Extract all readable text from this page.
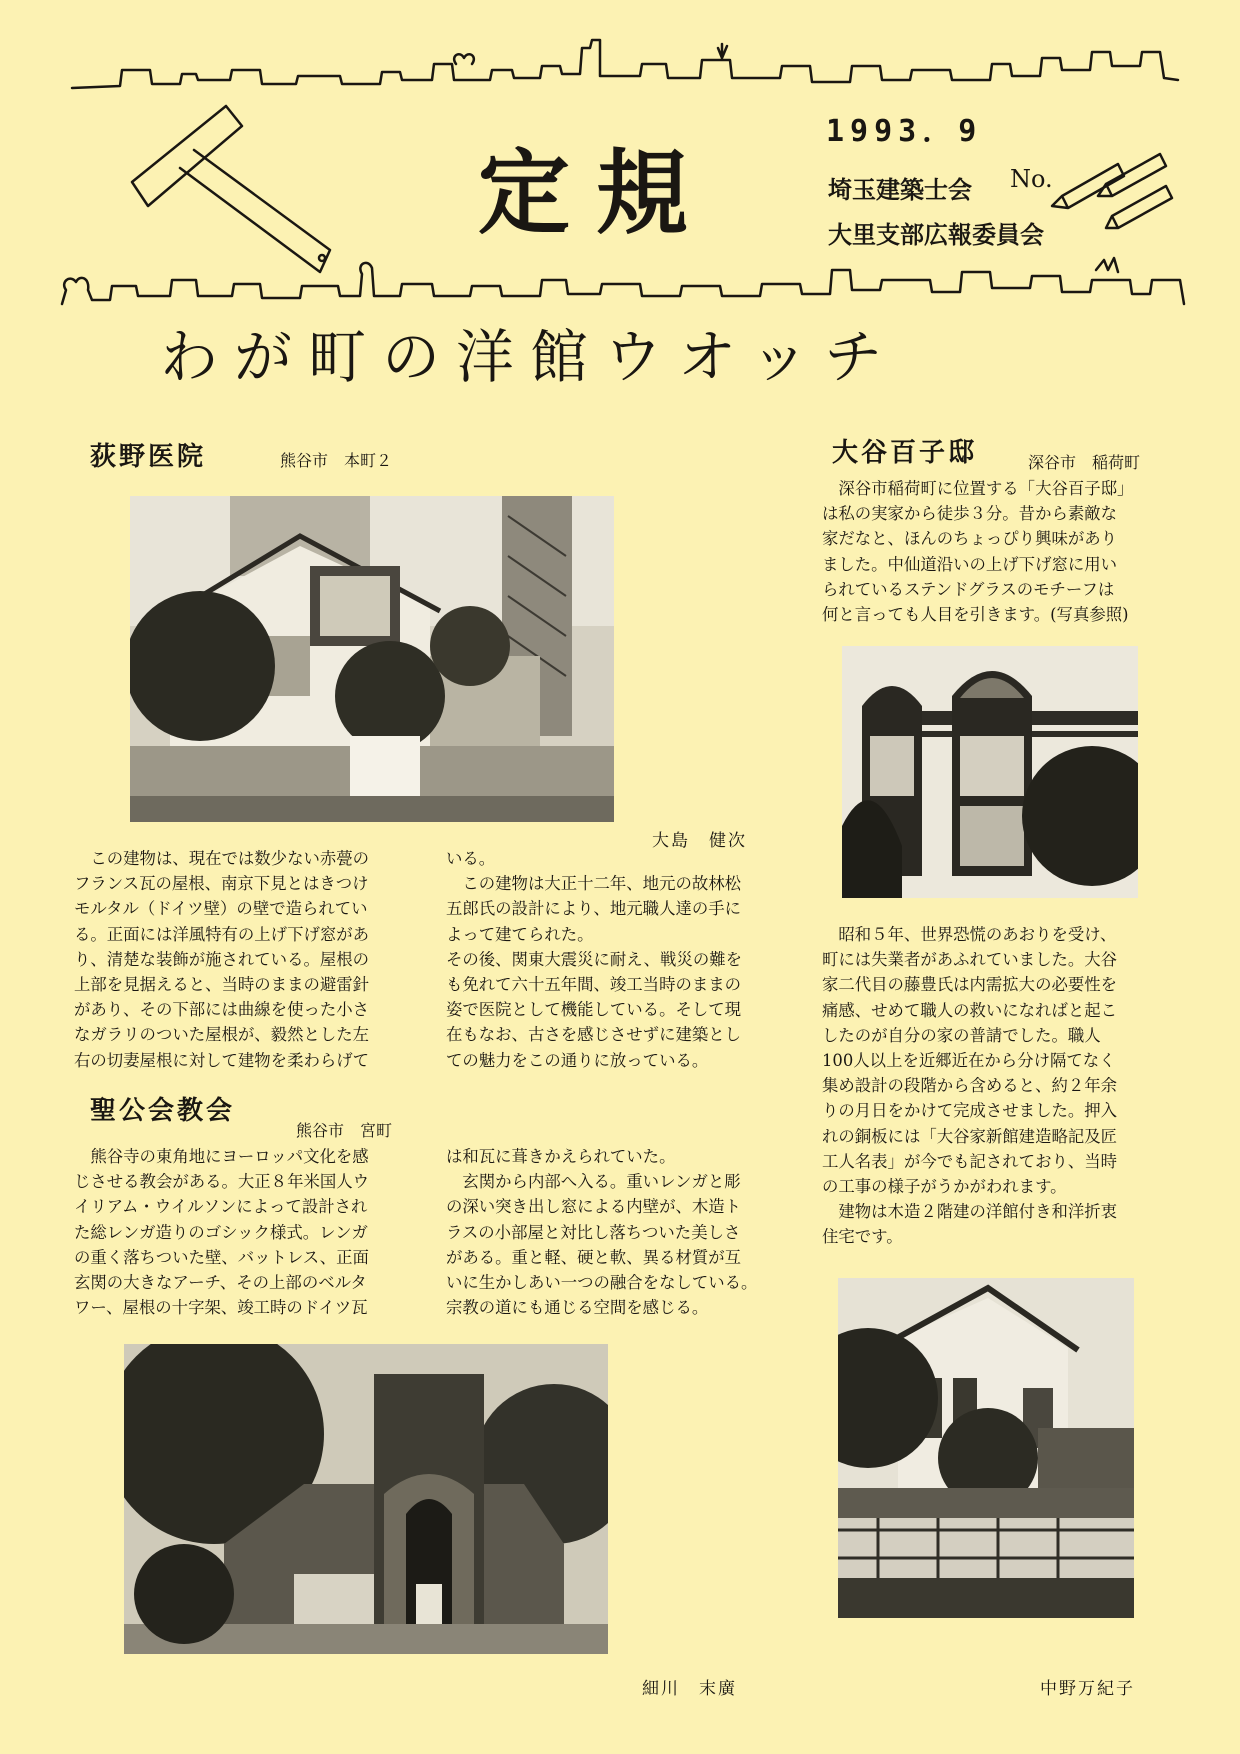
1993．9
定規	埼玉建築士会 No.
大里支部広報委員会
わが町の洋館ウオッチ
荻野医院	熊谷市　本町２
大島　健次

　この建物は、現在では数少ない赤甍の
フランス瓦の屋根、南京下見とはきつけ
モルタル（ドイツ壁）の壁で造られてい
る。正面には洋風特有の上げ下げ窓があ
り、清楚な装飾が施されている。屋根の
上部を見据えると、当時のままの避雷針
があり、その下部には曲線を使った小さ
なガラリのついた屋根が、毅然とした左
右の切妻屋根に対して建物を柔わらげて

いる。
　この建物は大正十二年、地元の故林松
五郎氏の設計により、地元職人達の手に
よって建てられた。
その後、関東大震災に耐え、戦災の難を
も免れて六十五年間、竣工当時のままの
姿で医院として機能している。そして現
在もなお、古さを感じさせずに建築とし
ての魅力をこの通りに放っている。

聖公会教会
熊谷市　宮町

　熊谷寺の東角地にヨーロッパ文化を感
じさせる教会がある。大正８年米国人ウ
イリアム・ウイルソンによって設計され
た総レンガ造りのゴシック様式。レンガ
の重く落ちついた壁、バットレス、正面
玄関の大きなアーチ、その上部のベルタ
ワー、屋根の十字架、竣工時のドイツ瓦

は和瓦に葺きかえられていた。
　玄関から内部へ入る。重いレンガと彫
の深い突き出し窓による内壁が、木造ト
ラスの小部屋と対比し落ちついた美しさ
がある。重と軽、硬と軟、異る材質が互
いに生かしあい一つの融合をなしている。
宗教の道にも通じる空間を感じる。

細川　末廣
大谷百子邸	深谷市　稲荷町

　深谷市稲荷町に位置する「大谷百子邸」
は私の実家から徒歩３分。昔から素敵な
家だなと、ほんのちょっぴり興味があり
ました。中仙道沿いの上げ下げ窓に用い
られているステンドグラスのモチーフは
何と言っても人目を引きます。(写真参照)

　昭和５年、世界恐慌のあおりを受け、
町には失業者があふれていました。大谷
家二代目の藤豊氏は内需拡大の必要性を
痛感、せめて職人の救いになればと起こ
したのが自分の家の普請でした。職人
100人以上を近郷近在から分け隔てなく
集め設計の段階から含めると、約２年余
りの月日をかけて完成させました。押入
れの銅板には「大谷家新館建造略記及匠
工人名表」が今でも記されており、当時
の工事の様子がうかがわれます。
　建物は木造２階建の洋館付き和洋折衷
住宅です。

中野万紀子
